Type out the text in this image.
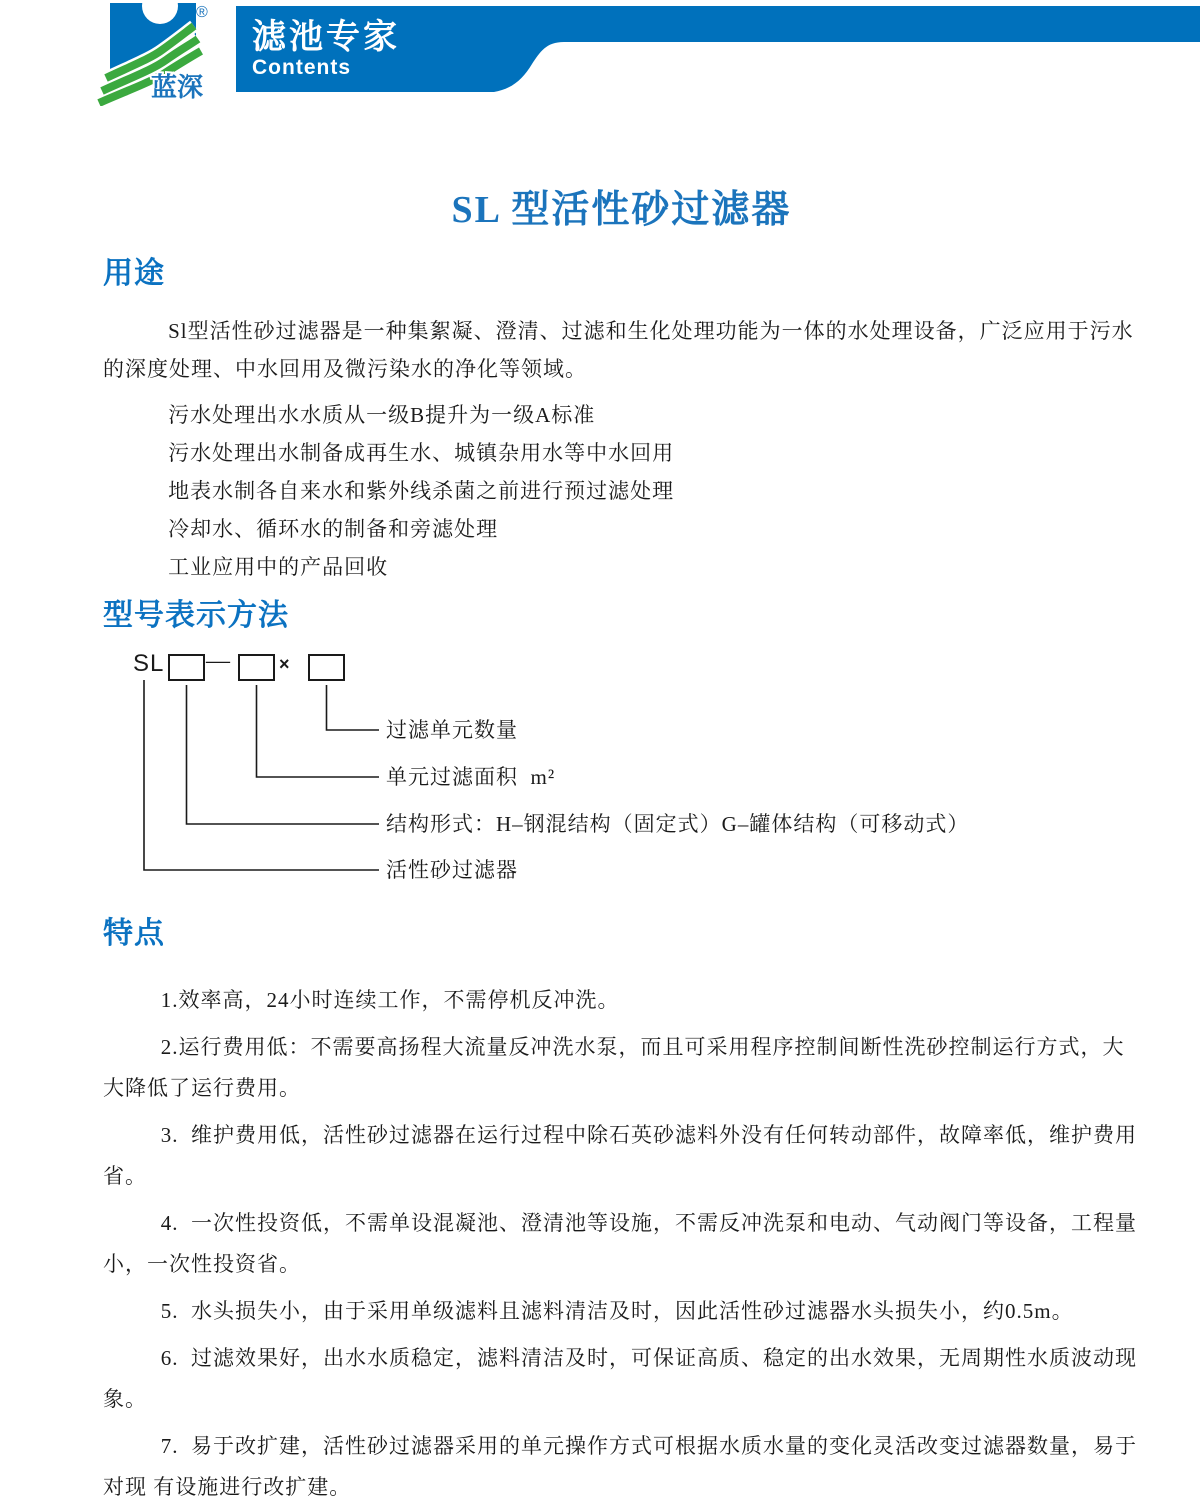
滤池专家
Contents
蓝深
®
SL 型活性砂过滤器
用途

Sl型活性砂过滤器是一种集絮凝、澄清、过滤和生化处理功能为一体的水处理设备，广泛应用于污水的深度处理、中水回用及微污染水的净化等领域。

污水处理出水水质从一级B提升为一级A标准

污水处理出水制备成再生水、城镇杂用水等中水回用

地表水制各自来水和紫外线杀菌之前进行预过滤处理

冷却水、循环水的制备和旁滤处理

工业应用中的产品回收

型号表示方法
SL —	×
过滤单元数量
单元过滤面积  m²
结构形式：H–钢混结构（固定式）G–罐体结构（可移动式）
活性砂过滤器
特点

1.效率高，24小时连续工作，不需停机反冲洗。

2.运行费用低：不需要高扬程大流量反冲洗水泵，而且可采用程序控制间断性洗砂控制运行方式，大大降低了运行费用。

3.  维护费用低，活性砂过滤器在运行过程中除石英砂滤料外没有任何转动部件，故障率低，维护费用省。

4.  一次性投资低，不需单设混凝池、澄清池等设施，不需反冲洗泵和电动、气动阀门等设备，工程量小，一次性投资省。

5.  水头损失小，由于采用单级滤料且滤料清洁及时，因此活性砂过滤器水头损失小，约0.5m。

6.  过滤效果好，出水水质稳定，滤料清洁及时，可保证高质、稳定的出水效果，无周期性水质波动现象。

7.  易于改扩建，活性砂过滤器采用的单元操作方式可根据水质水量的变化灵活改变过滤器数量，易于对现 有设施进行改扩建。
